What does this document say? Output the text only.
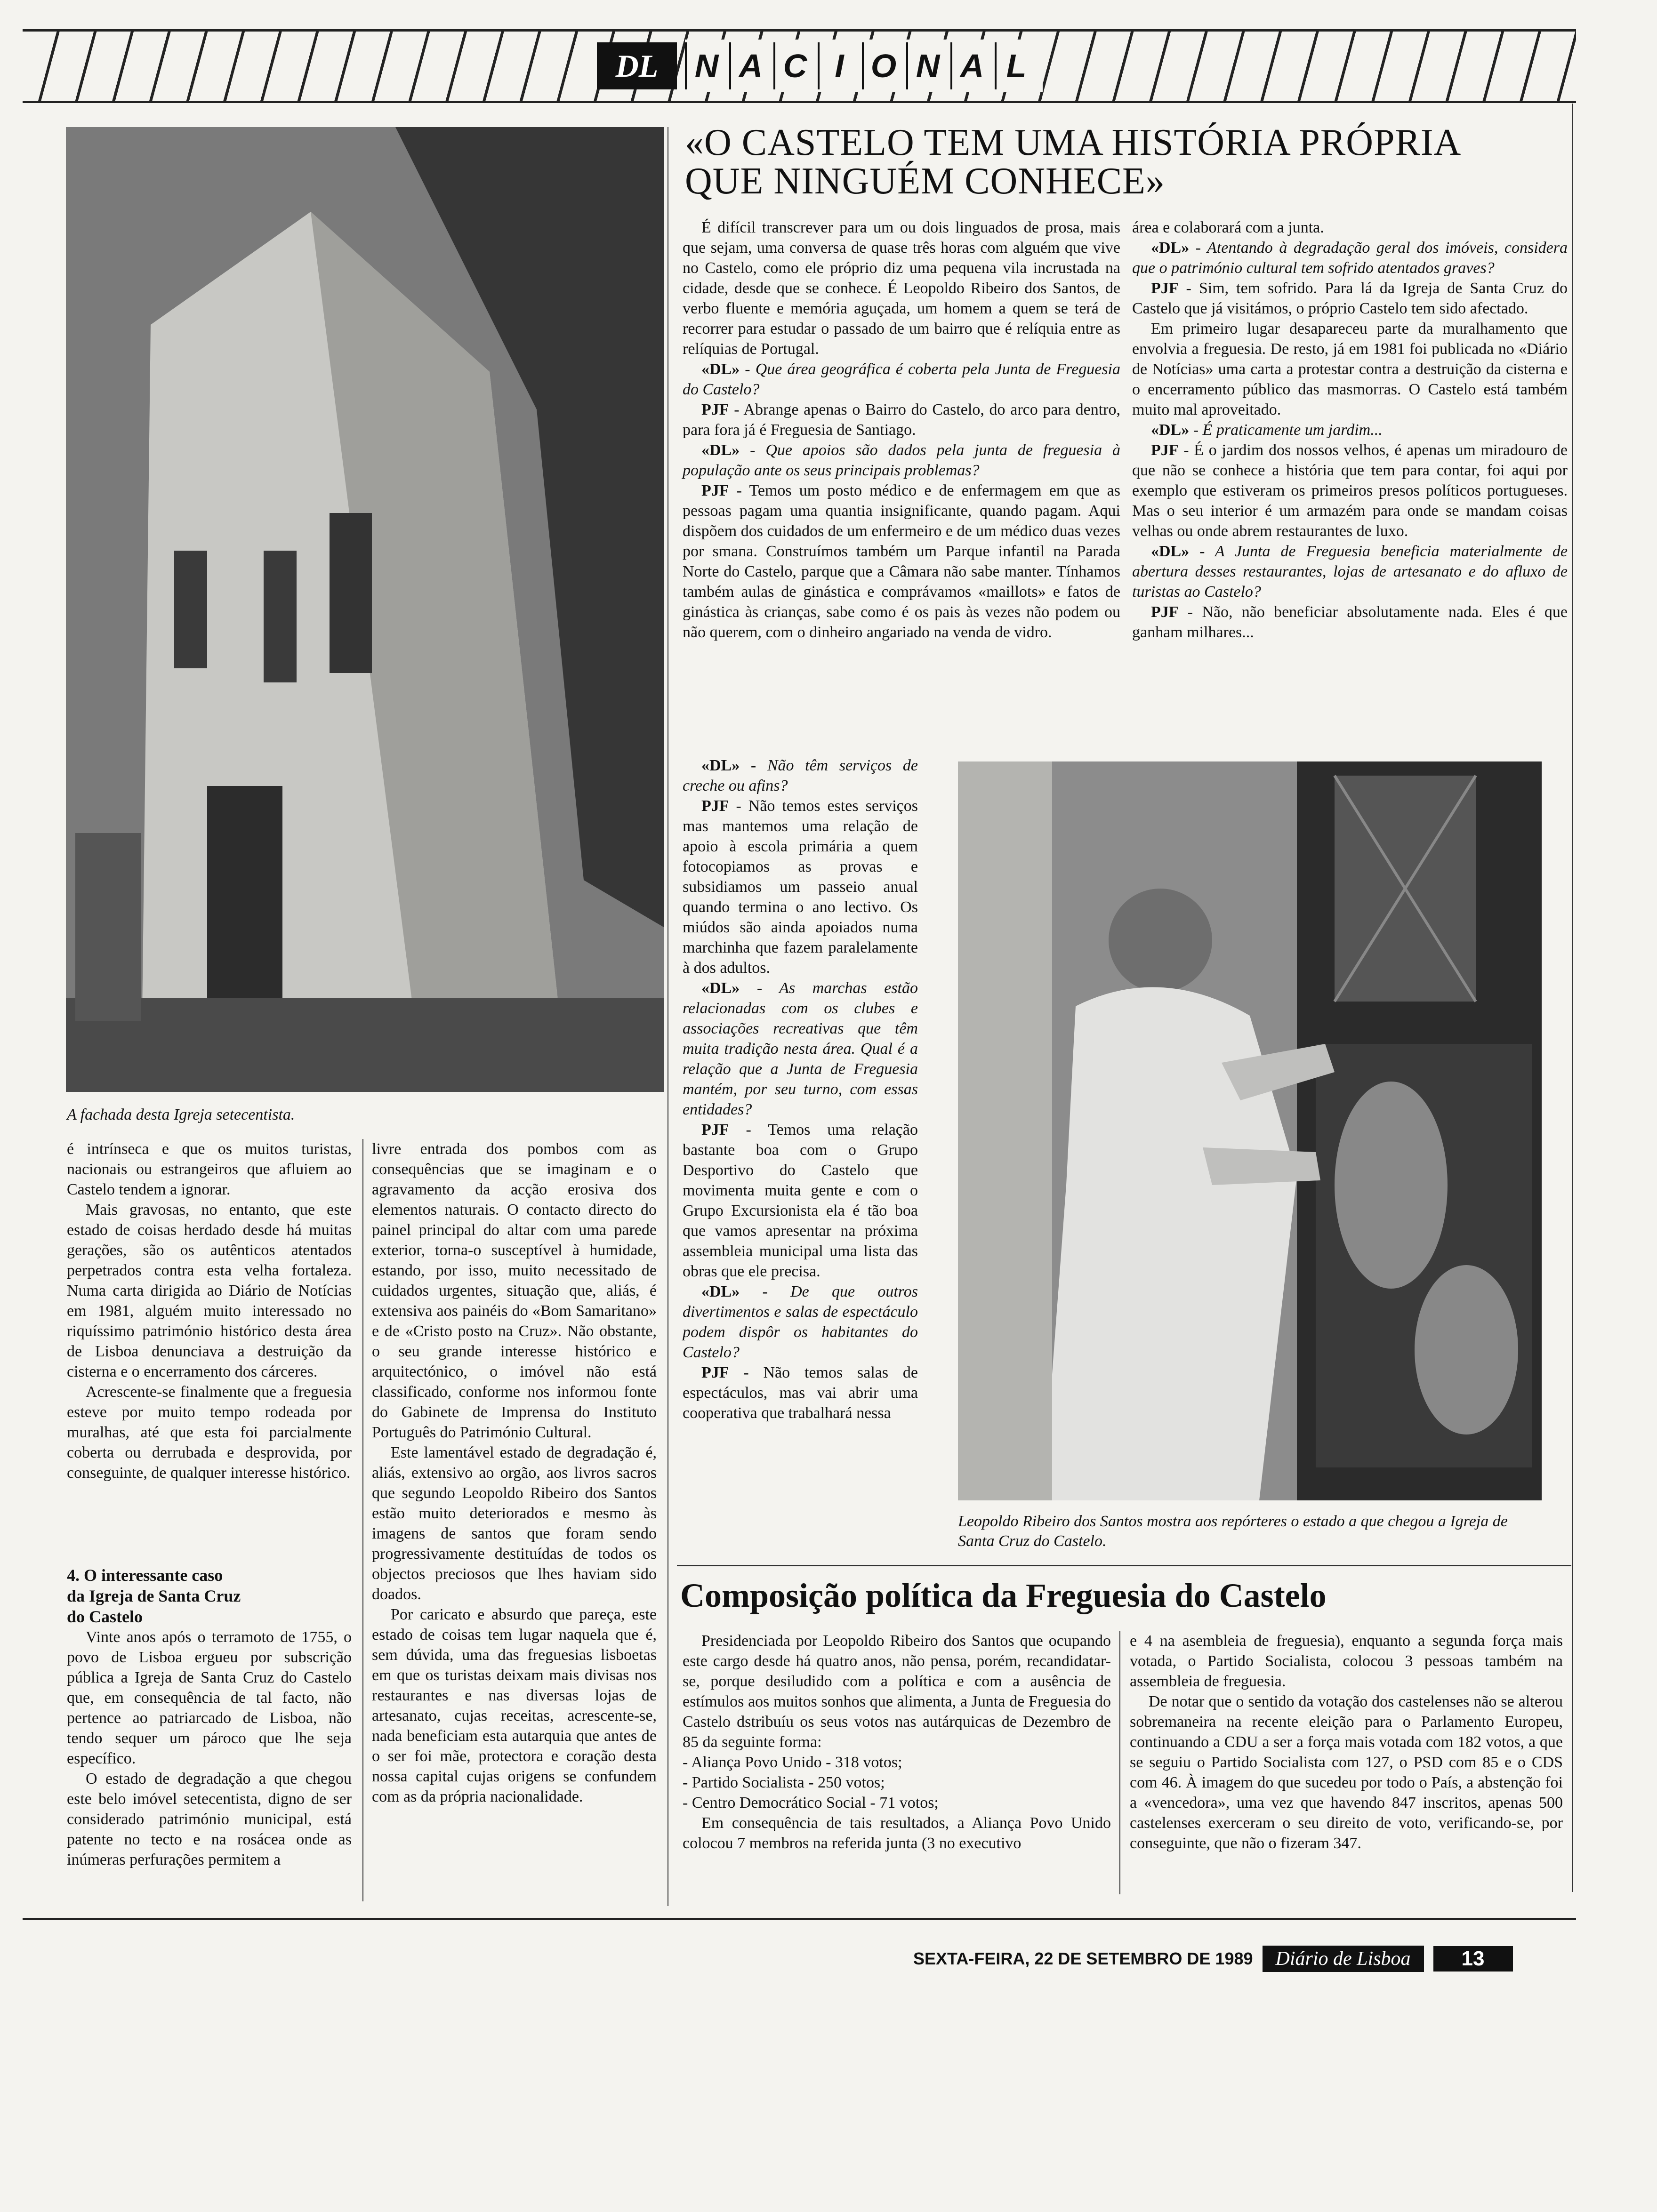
DL	N A C I O N A L
A fachada desta Igreja setecentista.

é intrínseca e que os muitos turistas, nacionais ou estrangeiros que afluiem ao Castelo tendem a ignorar.

Mais gravosas, no entanto, que este estado de coisas herdado desde há muitas gerações, são os autênticos atentados perpetrados contra esta velha fortaleza. Numa carta dirigida ao Diário de Notícias em 1981, alguém muito interessado no riquíssimo património histórico desta área de Lisboa denunciava a destruição da cisterna e o encerramento dos cárceres.

Acrescente-se finalmente que a freguesia esteve por muito tempo rodeada por muralhas, até que esta foi parcialmente coberta ou derrubada e desprovida, por conseguinte, de qualquer interesse histórico.

4. O interessante caso

da Igreja de Santa Cruz

do Castelo

Vinte anos após o terramoto de 1755, o povo de Lisboa ergueu por subscrição pública a Igreja de Santa Cruz do Castelo que, em consequência de tal facto, não pertence ao patriarcado de Lisboa, não tendo sequer um pároco que lhe seja específico.

O estado de degradação a que chegou este belo imóvel setecentista, digno de ser considerado património municipal, está patente no tecto e na rosácea onde as inúmeras perfurações permitem a

livre entrada dos pombos com as consequências que se imaginam e o agravamento da acção erosiva dos elementos naturais. O contacto directo do painel principal do altar com uma parede exterior, torna-o susceptível à humidade, estando, por isso, muito necessitado de cuidados urgentes, situação que, aliás, é extensiva aos painéis do «Bom Samaritano» e de «Cristo posto na Cruz». Não obstante, o seu grande interesse histórico e arquitectónico, o imóvel não está classificado, conforme nos informou fonte do Gabinete de Imprensa do Instituto Português do Património Cultural.

Este lamentável estado de degradação é, aliás, extensivo ao orgão, aos livros sacros que segundo Leopoldo Ribeiro dos Santos estão muito deteriorados e mesmo às imagens de santos que foram sendo progressivamente destituídas de todos os objectos preciosos que lhes haviam sido doados.

Por caricato e absurdo que pareça, este estado de coisas tem lugar naquela que é, sem dúvida, uma das freguesias lisboetas em que os turistas deixam mais divisas nos restaurantes e nas diversas lojas de artesanato, cujas receitas, acrescente-se, nada beneficiam esta autarquia que antes de o ser foi mãe, protectora e coração desta nossa capital cujas origens se confundem com as da própria nacionalidade.

«O CASTELO TEM UMA HISTÓRIA PRÓPRIA
QUE NINGUÉM CONHECE»

É difícil transcrever para um ou dois linguados de prosa, mais que sejam, uma conversa de quase três horas com alguém que vive no Castelo, como ele próprio diz uma pequena vila incrustada na cidade, desde que se conhece. É Leopoldo Ribeiro dos Santos, de verbo fluente e memória aguçada, um homem a quem se terá de recorrer para estudar o passado de um bairro que é relíquia entre as relíquias de Portugal.

«DL» - Que área geográfica é coberta pela Junta de Freguesia do Castelo?

PJF - Abrange apenas o Bairro do Castelo, do arco para dentro, para fora já é Freguesia de Santiago.

«DL» - Que apoios são dados pela junta de freguesia à população ante os seus principais problemas?

PJF - Temos um posto médico e de enfermagem em que as pessoas pagam uma quantia insignificante, quando pagam. Aqui dispõem dos cuidados de um enfermeiro e de um médico duas vezes por smana. Construímos também um Parque infantil na Parada Norte do Castelo, parque que a Câmara não sabe manter. Tínhamos também aulas de ginástica e comprávamos «maillots» e fatos de ginástica às crianças, sabe como é os pais às vezes não podem ou não querem, com o dinheiro angariado na venda de vidro.

«DL» - Não têm serviços de creche ou afins?

PJF - Não temos estes serviços mas mantemos uma relação de apoio à escola primária a quem fotocopiamos as provas e subsidiamos um passeio anual quando termina o ano lectivo. Os miúdos são ainda apoiados numa marchinha que fazem paralelamente à dos adultos.

«DL» - As marchas estão relacionadas com os clubes e associações recreativas que têm muita tradição nesta área. Qual é a relação que a Junta de Freguesia mantém, por seu turno, com essas entidades?

PJF - Temos uma relação bastante boa com o Grupo Desportivo do Castelo que movimenta muita gente e com o Grupo Excursionista ela é tão boa que vamos apresentar na próxima assembleia municipal uma lista das obras que ele precisa.

«DL» - De que outros divertimentos e salas de espectáculo podem dispôr os habitantes do Castelo?

PJF - Não temos salas de espectáculos, mas vai abrir uma cooperativa que trabalhará nessa

área e colaborará com a junta.

«DL» - Atentando à degradação geral dos imóveis, considera que o património cultural tem sofrido atentados graves?

PJF - Sim, tem sofrido. Para lá da Igreja de Santa Cruz do Castelo que já visitámos, o próprio Castelo tem sido afectado.

Em primeiro lugar desapareceu parte da muralhamento que envolvia a freguesia. De resto, já em 1981 foi publicada no «Diário de Notícias» uma carta a protestar contra a destruição da cisterna e o encerramento público das masmorras. O Castelo está também muito mal aproveitado.

«DL» - É praticamente um jardim...

PJF - É o jardim dos nossos velhos, é apenas um miradouro de que não se conhece a história que tem para contar, foi aqui por exemplo que estiveram os primeiros presos políticos portugueses. Mas o seu interior é um armazém para onde se mandam coisas velhas ou onde abrem restaurantes de luxo.

«DL» - A Junta de Freguesia beneficia materialmente de abertura desses restaurantes, lojas de artesanato e do afluxo de turistas ao Castelo?

PJF - Não, não beneficiar absolutamente nada. Eles é que ganham milhares...

Leopoldo Ribeiro dos Santos mostra aos repórteres o estado a que chegou a Igreja de Santa Cruz do Castelo.
Composição política da Freguesia do Castelo

Presidenciada por Leopoldo Ribeiro dos Santos que ocupando este cargo desde há quatro anos, não pensa, porém, recandidatar-se, porque desiludido com a política e com a ausência de estímulos aos muitos sonhos que alimenta, a Junta de Freguesia do Castelo dstribuíu os seus votos nas autárquicas de Dezembro de 85 da seguinte forma:

- Aliança Povo Unido - 318 votos;

- Partido Socialista - 250 votos;

- Centro Democrático Social - 71 votos;

Em consequência de tais resultados, a Aliança Povo Unido colocou 7 membros na referida junta (3 no executivo

e 4 na asembleia de freguesia), enquanto a segunda força mais votada, o Partido Socialista, colocou 3 pessoas também na assembleia de freguesia.

De notar que o sentido da votação dos castelenses não se alterou sobremaneira na recente eleição para o Parlamento Europeu, continuando a CDU a ser a força mais votada com 182 votos, a que se seguiu o Partido Socialista com 127, o PSD com 85 e o CDS com 46. À imagem do que sucedeu por todo o País, a abstenção foi a «vencedora», uma vez que havendo 847 inscritos, apenas 500 castelenses exerceram o seu direito de voto, verificando-se, por conseguinte, que não o fizeram 347.

SEXTA-FEIRA, 22 DE SETEMBRO DE 1989	Diário de Lisboa	13
